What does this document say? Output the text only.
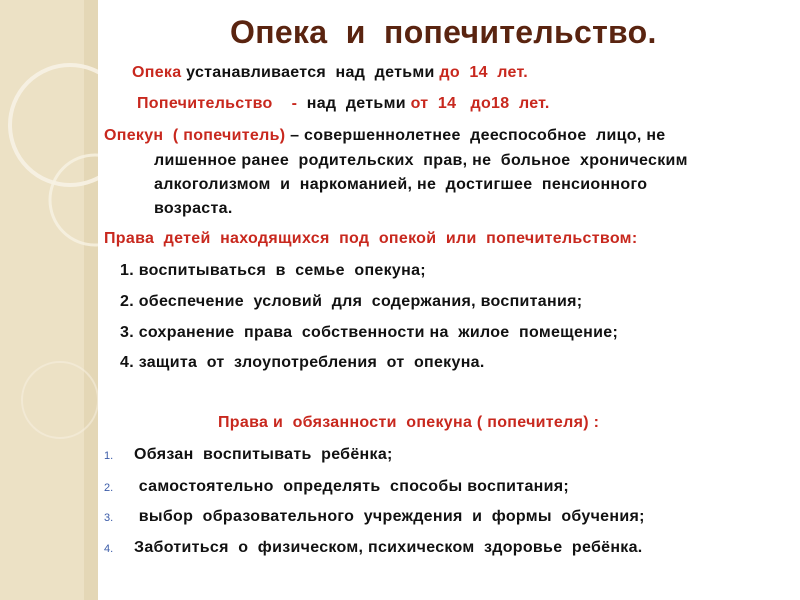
Опека  и  попечительство.
Опека устанавливается  над  детьми до  14  лет.
Попечительство    -  над  детьми от  14   до18  лет.
Опекун  ( попечитель) – совершеннолетнее  дееспособное  лицо, не
лишенное ранее  родительских  прав, не  больное  хроническим
алкоголизмом  и  наркоманией, не  достигшее  пенсионного
возраста.
Права  детей  находящихся  под  опекой  или  попечительством:
1. воспитываться  в  семье  опекуна;
2. обеспечение  условий  для  содержания, воспитания;
3. сохранение  права  собственности на  жилое  помещение;
4. защита  от  злоупотребления  от  опекуна.
Права и  обязанности  опекуна ( попечителя) :
1. Обязан  воспитывать  ребёнка;
2. самостоятельно  определять  способы воспитания;
3. выбор  образовательного  учреждения  и  формы  обучения;
4. Заботиться  о  физическом, психическом  здоровье  ребёнка.
